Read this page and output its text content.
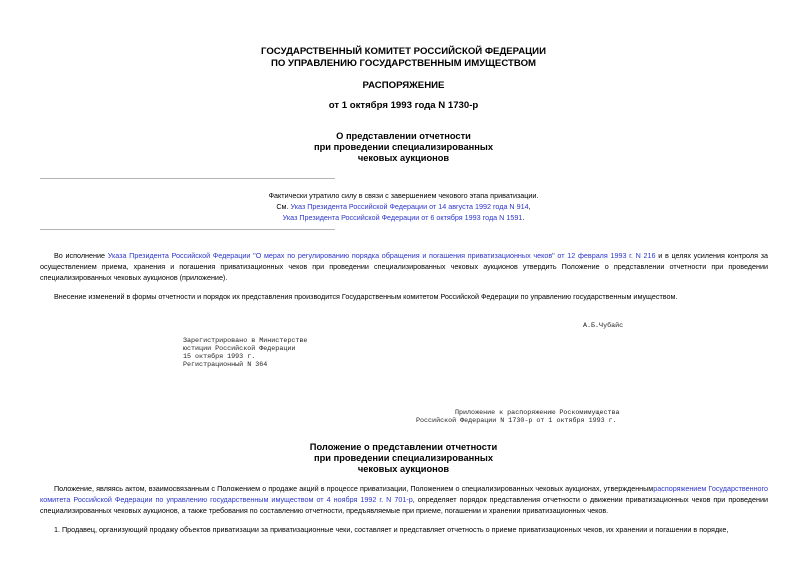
ГОСУДАРСТВЕННЫЙ КОМИТЕТ РОССИЙСКОЙ ФЕДЕРАЦИИ
ПО УПРАВЛЕНИЮ ГОСУДАРСТВЕННЫМ ИМУЩЕСТВОМ
РАСПОРЯЖЕНИЕ
от 1 октября 1993 года N 1730-р
О представлении отчетности
при проведении специализированных
чековых аукционов
Фактически утратило силу в связи с завершением чекового этапа приватизации.
См. Указ Президента Российской Федерации от 14 августа 1992 года N 914,
Указ Президента Российской Федерации от 6 октября 1993 года N 1591.
Во исполнение Указа Президента Российской Федерации "О мерах по регулированию порядка обращения и погашения приватизационных чеков" от 12 февраля 1993 г. N 216 и в целях усиления контроля за осуществлением приема, хранения и погашения приватизационных чеков при проведении специализированных чековых аукционов утвердить Положение о представлении отчетности при проведении специализированных чековых аукционов (приложение).
Внесение изменений в формы отчетности и порядок их представления производится Государственным комитетом Российской Федерации по управлению государственным имуществом.
А.Б.Чубайс
Зарегистрировано в Министерстве
юстиции Российской Федерации
15 октября 1993 г.
Регистрационный N 364
Приложение к распоряжению Роскомимущества
Российской Федерации N 1730-р от 1 октября 1993 г.
Положение о представлении отчетности
при проведении специализированных
чековых аукционов
Положение, являясь актом, взаимосвязанным с Положением о продаже акций в процессе приватизации, Положением о специализированных чековых аукционах, утвержденнымраспоряжением Государственного комитета Российской Федерации по управлению государственным имуществом от 4 ноября 1992 г. N 701-р, определяет порядок представления отчетности о движении приватизационных чеков при проведении специализированных чековых аукционов, а также требования по составлению отчетности, предъявляемые при приеме, погашении и хранении приватизационных чеков.
1. Продавец, организующий продажу объектов приватизации за приватизационные чеки, составляет и представляет отчетность о приеме приватизационных чеков, их хранении и погашении в порядке,
